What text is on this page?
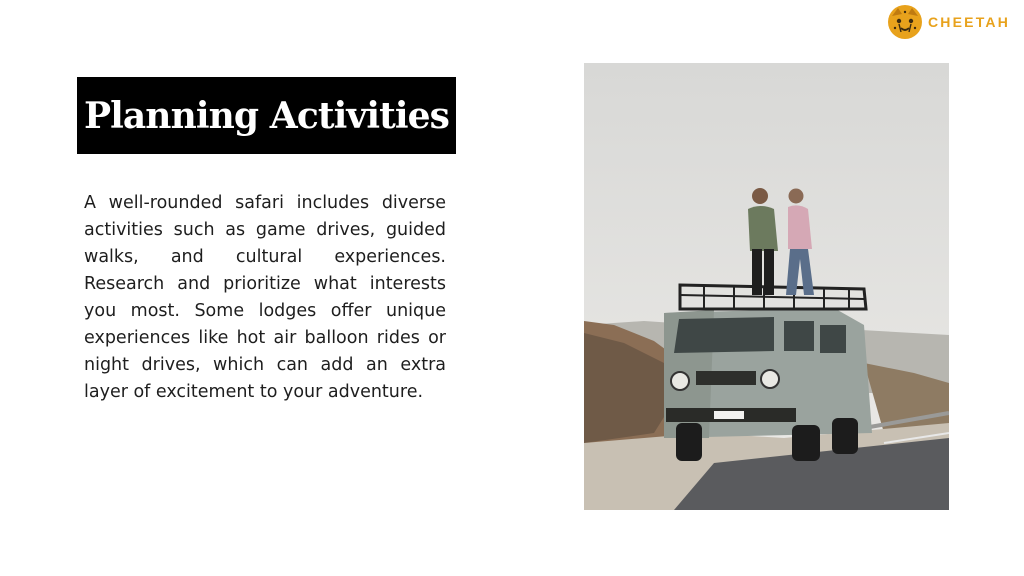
CHEETAH
Planning Activities

A well-rounded safari includes diverse activities such as game drives, guided walks, and cultural experiences. Research and prioritize what interests you most. Some lodges offer unique experiences like hot air balloon rides or night drives, which can add an extra layer of excitement to your adventure.
